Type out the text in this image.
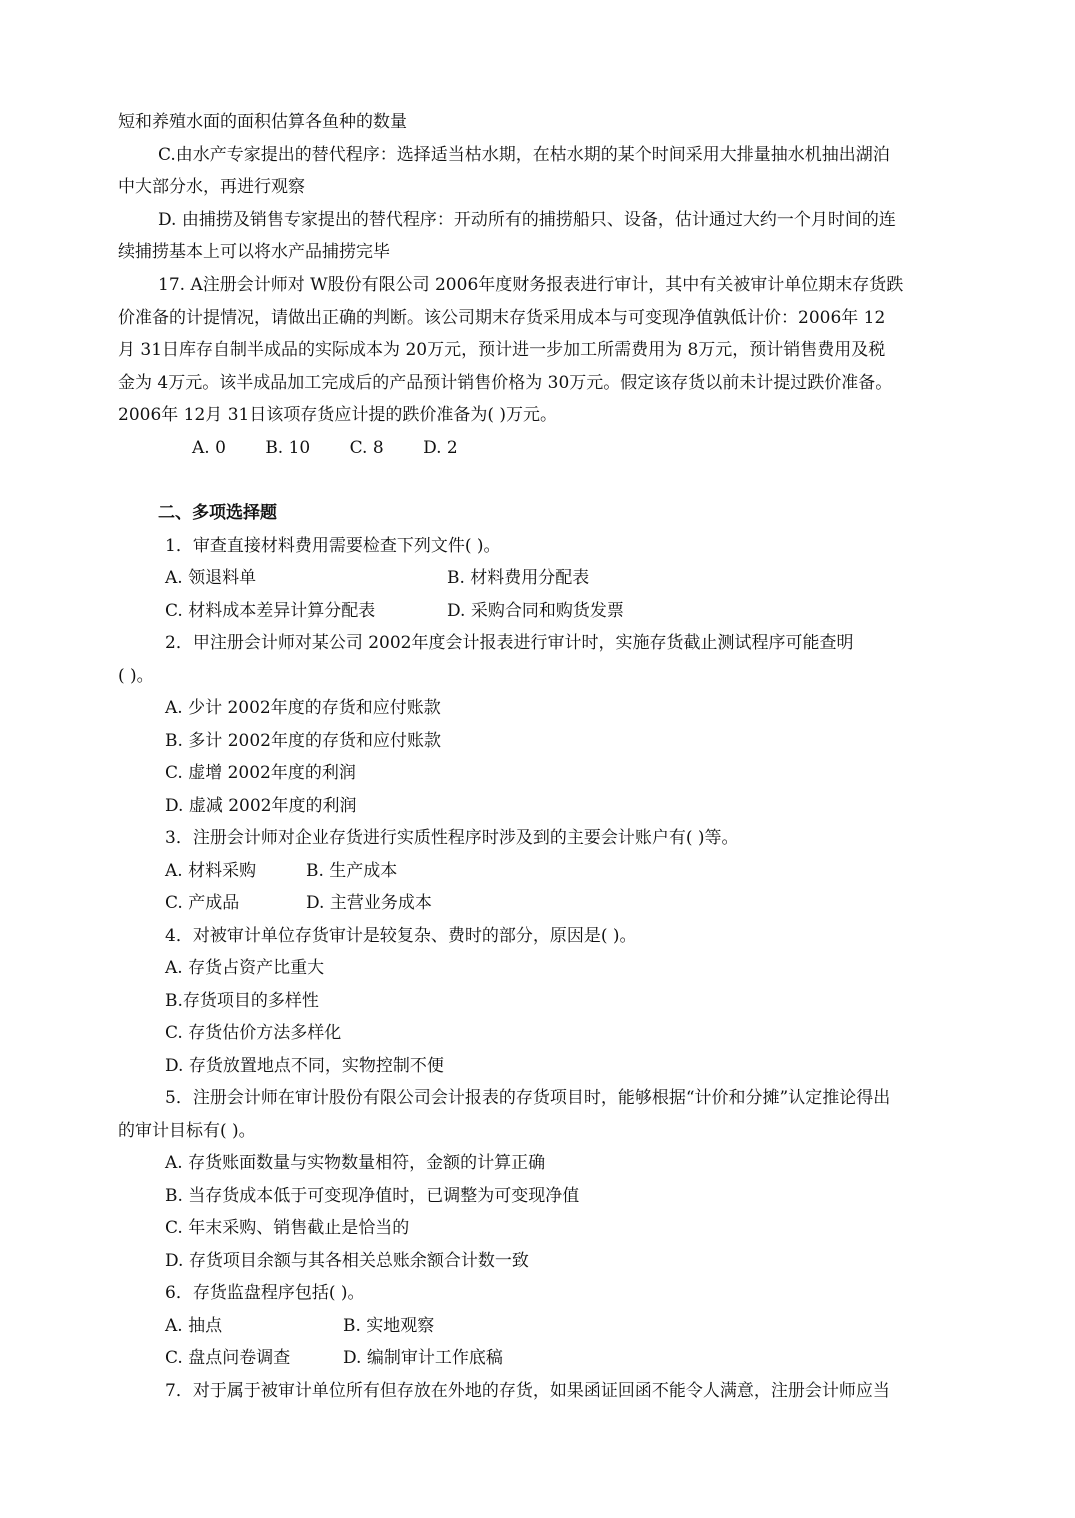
短和养殖水面的面积估算各鱼种的数量
C.由水产专家提出的替代程序：选择适当枯水期，在枯水期的某个时间采用大排量抽水机抽出湖泊
中大部分水，再进行观察
D. 由捕捞及销售专家提出的替代程序：开动所有的捕捞船只、设备，估计通过大约一个月时间的连
续捕捞基本上可以将水产品捕捞完毕
17. A注册会计师对 W股份有限公司 2006年度财务报表进行审计，其中有关被审计单位期末存货跌
价准备的计提情况，请做出正确的判断。该公司期末存货采用成本与可变现净值孰低计价：2006年 12
月 31日库存自制半成品的实际成本为 20万元，预计进一步加工所需费用为 8万元，预计销售费用及税
金为 4万元。该半成品加工完成后的产品预计销售价格为 30万元。假定该存货以前未计提过跌价准备。
2006年 12月 31日该项存货应计提的跌价准备为( )万元。
A. 0 B. 10 C. 8 D. 2
二、多项选择题
1．审查直接材料费用需要检查下列文件( )。
A. 领退料单	B. 材料费用分配表
C. 材料成本差异计算分配表	D. 采购合同和购货发票
2．甲注册会计师对某公司 2002年度会计报表进行审计时，实施存货截止测试程序可能查明
( )。
A. 少计 2002年度的存货和应付账款
B. 多计 2002年度的存货和应付账款
C. 虚增 2002年度的利润
D. 虚减 2002年度的利润
3．注册会计师对企业存货进行实质性程序时涉及到的主要会计账户有( )等。
A. 材料采购	B. 生产成本
C. 产成品	D. 主营业务成本
4．对被审计单位存货审计是较复杂、费时的部分，原因是( )。
A. 存货占资产比重大
B.存货项目的多样性
C. 存货估价方法多样化
D. 存货放置地点不同，实物控制不便
5．注册会计师在审计股份有限公司会计报表的存货项目时，能够根据“计价和分摊”认定推论得出
的审计目标有( )。
A. 存货账面数量与实物数量相符，金额的计算正确
B. 当存货成本低于可变现净值时，已调整为可变现净值
C. 年末采购、销售截止是恰当的
D. 存货项目余额与其各相关总账余额合计数一致
6．存货监盘程序包括( )。
A. 抽点	B. 实地观察
C. 盘点问卷调查	D. 编制审计工作底稿
7．对于属于被审计单位所有但存放在外地的存货，如果函证回函不能令人满意，注册会计师应当
